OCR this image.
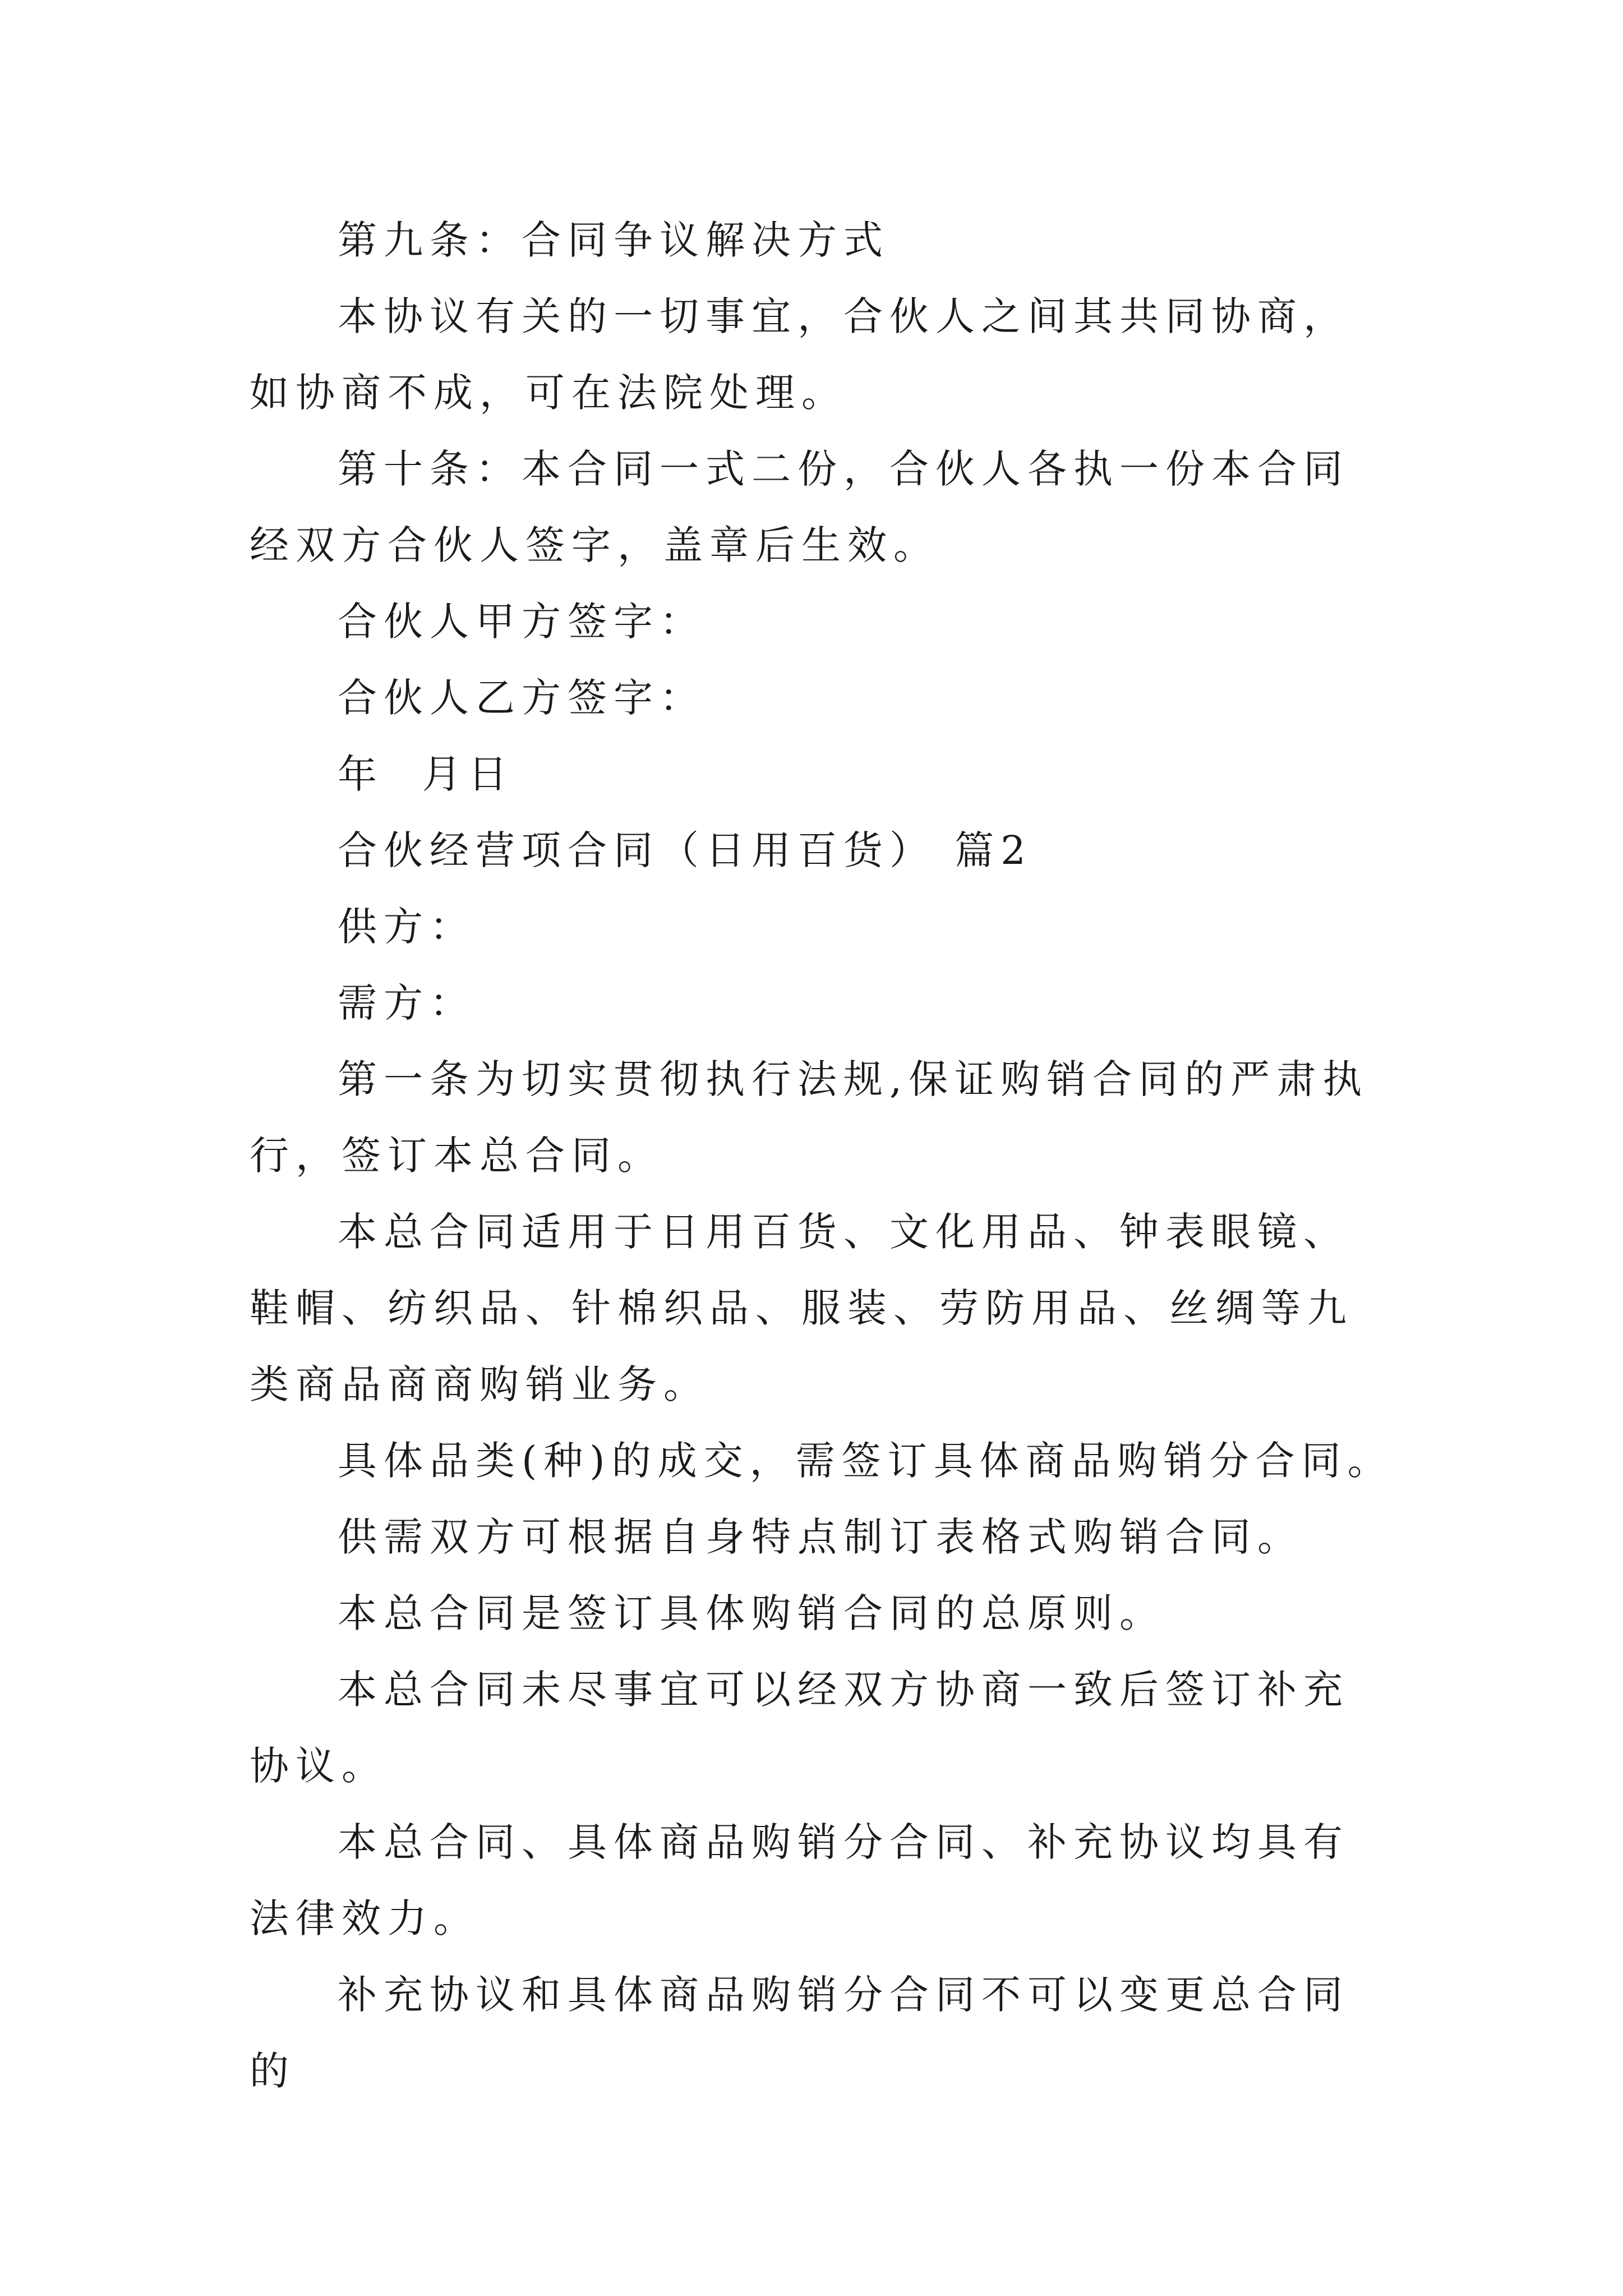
第九条：合同争议解决方式

本协议有关的一切事宜，合伙人之间其共同协商，如协商不成，可在法院处理。

第十条：本合同一式二份，合伙人各执一份本合同经双方合伙人签字，盖章后生效。

合伙人甲方签字：

合伙人乙方签字：

年  月日

合伙经营项合同（日用百货） 篇2

供方：

需方：

第一条为切实贯彻执行法规,保证购销合同的严肃执行，签订本总合同。

本总合同适用于日用百货、文化用品、钟表眼镜、鞋帽、纺织品、针棉织品、服装、劳防用品、丝绸等九类商品商商购销业务。

具体品类(种)的成交，需签订具体商品购销分合同。

供需双方可根据自身特点制订表格式购销合同。

本总合同是签订具体购销合同的总原则。

本总合同未尽事宜可以经双方协商一致后签订补充协议。

本总合同、具体商品购销分合同、补充协议均具有法律效力。

补充协议和具体商品购销分合同不可以变更总合同的
